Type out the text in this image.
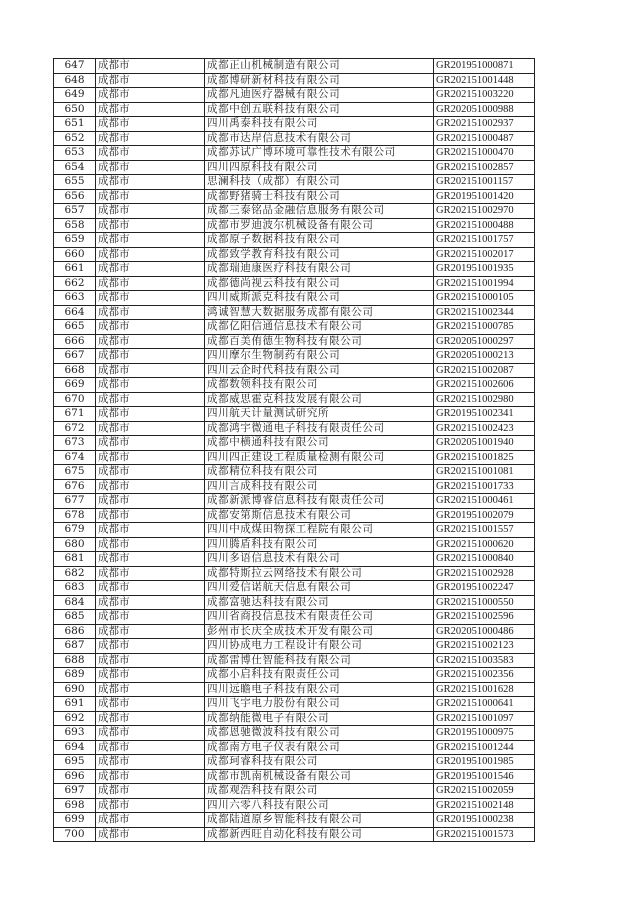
647	成都市	成都正山机械制造有限公司	GR201951000871
648	成都市	成都博研新材科技有限公司	GR202151001448
649	成都市	成都凡迪医疗器械有限公司	GR202151003220
650	成都市	成都中创五联科技有限公司	GR202051000988
651	成都市	四川禹泰科技有限公司	GR202151002937
652	成都市	成都市达岸信息技术有限公司	GR202151000487
653	成都市	成都苏试广博环境可靠性技术有限公司	GR202151000470
654	成都市	四川四原科技有限公司	GR202151002857
655	成都市	思澜科技（成都）有限公司	GR202151001157
656	成都市	成都野猪骑士科技有限公司	GR201951001420
657	成都市	成都三泰铭品金融信息服务有限公司	GR202151002970
658	成都市	成都市罗迪波尔机械设备有限公司	GR202151000488
659	成都市	成都原子数据科技有限公司	GR202151001757
660	成都市	成都致学教育科技有限公司	GR202151002017
661	成都市	成都瑞迪康医疗科技有限公司	GR201951001935
662	成都市	成都德尚视云科技有限公司	GR202151001994
663	成都市	四川威斯派克科技有限公司	GR202151000105
664	成都市	鸿诚智慧大数据服务成都有限公司	GR202151002344
665	成都市	成都亿阳信通信息技术有限公司	GR202151000785
666	成都市	成都百美侑德生物科技有限公司	GR202051000297
667	成都市	四川摩尔生物制药有限公司	GR202051000213
668	成都市	四川云企时代科技有限公司	GR202151002087
669	成都市	成都数领科技有限公司	GR202151002606
670	成都市	成都威思霍克科技发展有限公司	GR202151002980
671	成都市	四川航天计量测试研究所	GR201951002341
672	成都市	成都鸿宇微通电子科技有限责任公司	GR202151002423
673	成都市	成都中横通科技有限公司	GR202051001940
674	成都市	四川四正建设工程质量检测有限公司	GR202151001825
675	成都市	成都精位科技有限公司	GR202151001081
676	成都市	四川言成科技有限公司	GR202151001733
677	成都市	成都新派博睿信息科技有限责任公司	GR202151000461
678	成都市	成都安第斯信息技术有限公司	GR201951002079
679	成都市	四川中成煤田物探工程院有限公司	GR202151001557
680	成都市	四川腾盾科技有限公司	GR202151000620
681	成都市	四川多语信息技术有限公司	GR202151000840
682	成都市	成都特斯拉云网络技术有限公司	GR202151002928
683	成都市	四川爱信诺航天信息有限公司	GR201951002247
684	成都市	成都富驰达科技有限公司	GR202151000550
685	成都市	四川省商投信息技术有限责任公司	GR202151002596
686	成都市	彭州市长庆全成技术开发有限公司	GR202051000486
687	成都市	四川协成电力工程设计有限公司	GR202151002123
688	成都市	成都雷博仕智能科技有限公司	GR202151003583
689	成都市	成都小启科技有限责任公司	GR202151002356
690	成都市	四川远瞻电子科技有限公司	GR202151001628
691	成都市	四川飞宇电力股份有限公司	GR202151000641
692	成都市	成都纳能微电子有限公司	GR202151001097
693	成都市	成都恩驰微波科技有限公司	GR201951000975
694	成都市	成都南方电子仪表有限公司	GR202151001244
695	成都市	成都珂睿科技有限公司	GR201951001985
696	成都市	成都市凯南机械设备有限公司	GR201951001546
697	成都市	成都观浩科技有限公司	GR202151002059
698	成都市	四川六零八科技有限公司	GR202151002148
699	成都市	成都陆道原乡智能科技有限公司	GR201951000238
700	成都市	成都新西旺自动化科技有限公司	GR202151001573
